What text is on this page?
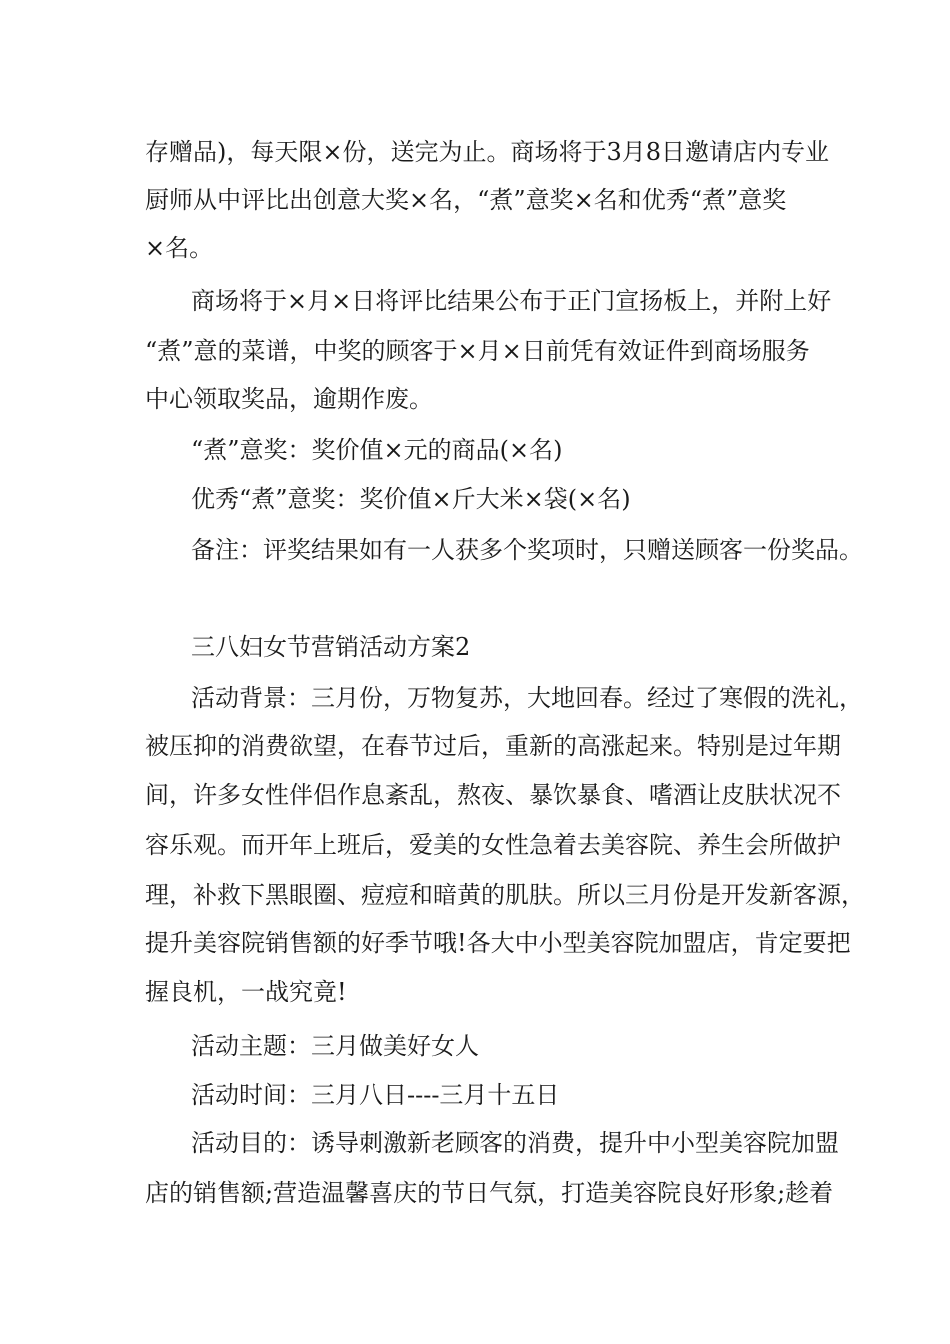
存赠品)，每天限×份，送完为止。商场将于3月8日邀请店内专业

厨师从中评比出创意大奖×名，“煮”意奖×名和优秀“煮”意奖

×名。

商场将于×月×日将评比结果公布于正门宣扬板上，并附上好

“煮”意的菜谱，中奖的顾客于×月×日前凭有效证件到商场服务

中心领取奖品，逾期作废。

“煮”意奖：奖价值×元的商品(×名)

优秀“煮”意奖：奖价值×斤大米×袋(×名)

备注：评奖结果如有一人获多个奖项时，只赠送顾客一份奖品。

三八妇女节营销活动方案2

活动背景：三月份，万物复苏，大地回春。经过了寒假的洗礼，

被压抑的消费欲望，在春节过后，重新的高涨起来。特别是过年期

间，许多女性伴侣作息紊乱，熬夜、暴饮暴食、嗜酒让皮肤状况不

容乐观。而开年上班后，爱美的女性急着去美容院、养生会所做护

理，补救下黑眼圈、痘痘和暗黄的肌肤。所以三月份是开发新客源，

提升美容院销售额的好季节哦!各大中小型美容院加盟店，肯定要把

握良机，一战究竟!

活动主题：三月做美好女人

活动时间：三月八日----三月十五日

活动目的：诱导刺激新老顾客的消费，提升中小型美容院加盟

店的销售额;营造温馨喜庆的节日气氛，打造美容院良好形象;趁着
